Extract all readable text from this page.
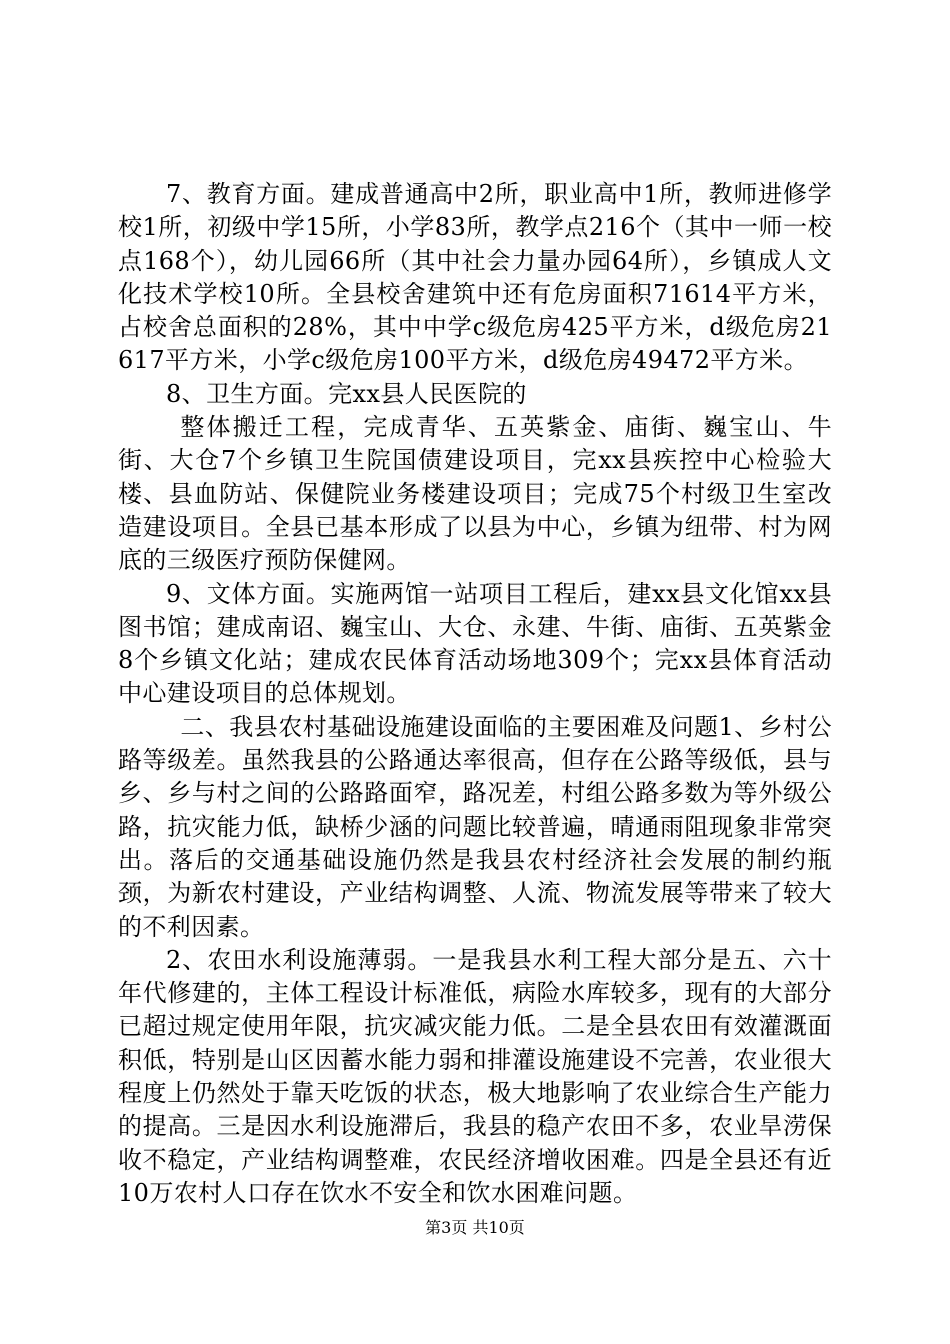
7、教育方面。建成普通高中2所，职业高中1所，教师进修学校1所，初级中学15所，小学83所，教学点216个（其中一师一校点168个），幼儿园66所（其中社会力量办园64所），乡镇成人文化技术学校10所。全县校舍建筑中还有危房面积71614平方米，占校舍总面积的28%，其中中学c级危房425平方米，d级危房21617平方米，小学c级危房100平方米，d级危房49472平方米。

8、卫生方面。完xx县人民医院的

整体搬迁工程，完成青华、五英紫金、庙街、巍宝山、牛街、大仓7个乡镇卫生院国债建设项目，完xx县疾控中心检验大楼、县血防站、保健院业务楼建设项目；完成75个村级卫生室改造建设项目。全县已基本形成了以县为中心，乡镇为纽带、村为网底的三级医疗预防保健网。

9、文体方面。实施两馆一站项目工程后，建xx县文化馆xx县图书馆；建成南诏、巍宝山、大仓、永建、牛街、庙街、五英紫金8个乡镇文化站；建成农民体育活动场地309个；完xx县体育活动中心建设项目的总体规划。

二、我县农村基础设施建设面临的主要困难及问题1、乡村公路等级差。虽然我县的公路通达率很高，但存在公路等级低，县与乡、乡与村之间的公路路面窄，路况差，村组公路多数为等外级公路，抗灾能力低，缺桥少涵的问题比较普遍，晴通雨阻现象非常突出。落后的交通基础设施仍然是我县农村经济社会发展的制约瓶颈，为新农村建设，产业结构调整、人流、物流发展等带来了较大的不利因素。

2、农田水利设施薄弱。一是我县水利工程大部分是五、六十年代修建的，主体工程设计标准低，病险水库较多，现有的大部分已超过规定使用年限，抗灾减灾能力低。二是全县农田有效灌溉面积低，特别是山区因蓄水能力弱和排灌设施建设不完善，农业很大程度上仍然处于靠天吃饭的状态，极大地影响了农业综合生产能力的提高。三是因水利设施滞后，我县的稳产农田不多，农业旱涝保收不稳定，产业结构调整难，农民经济增收困难。四是全县还有近10万农村人口存在饮水不安全和饮水困难问题。

第3页 共10页
